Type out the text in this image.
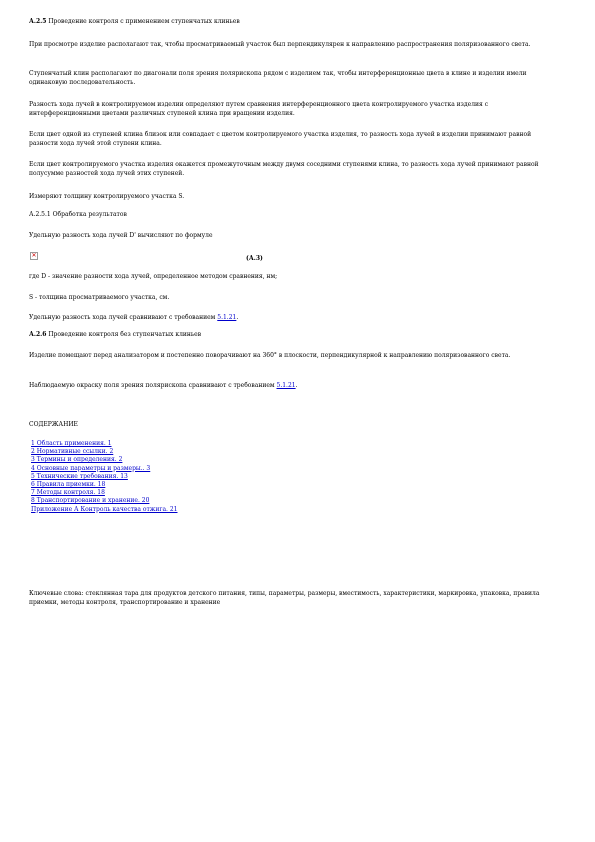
А.2.5 Проведение контроля с применением ступенчатых клиньев

При просмотре изделие располагают так, чтобы просматриваемый участок был перпендикулярен к направлению распространения поляризованного света.

Ступенчатый клин располагают по диагонали поля зрения полярископа рядом с изделием так, чтобы интерференционные цвета в клине и изделии имели одинаковую последовательность.

Разность хода лучей в контролируемом изделии определяют путем сравнения интерференционного цвета контролируемого участка изделия с интерференционными цветами различных ступеней клина при вращении изделия.

Если цвет одной из ступеней клина близок или совпадает с цветом контролируемого участка изделия, то разность хода лучей в изделии принимают равной разности хода лучей этой ступени клина.

Если цвет контролируемого участка изделия окажется промежуточным между двумя соседними ступенями клина, то разность хода лучей принимают равной полусумме разностей хода лучей этих ступеней.

Измеряют толщину контролируемого участка S.

А.2.5.1 Обработка результатов

Удельную разность хода лучей D' вычисляют по формуле

✕	(А.3)

где D - значение разности хода лучей, определенное методом сравнения, нм;

S - толщина просматриваемого участка, см.

Удельную разность хода лучей сравнивают с требованием 5.1.21.

А.2.6 Проведение контроля без ступенчатых клиньев

Изделие помещают перед анализатором и постепенно поворачивают на 360° в плоскости, перпендикулярной к направлению поляризованного света.

Наблюдаемую окраску поля зрения полярископа сравнивают с требованием 5.1.21.

СОДЕРЖАНИЕ

1 Область применения. 1
2 Нормативные ссылки. 2
3 Термины и определения. 2
4 Основные параметры и размеры.. 3
5 Технические требования. 13
6 Правила приемки. 18
7 Методы контроля. 18
8 Транспортирование и хранение. 20
Приложение А Контроль качества отжига. 21

Ключевые слова: стеклянная тара для продуктов детского питания, типы, параметры, размеры, вместимость, характеристики, маркировка, упаковка, правила приемки, методы контроля, транспортирование и хранение
